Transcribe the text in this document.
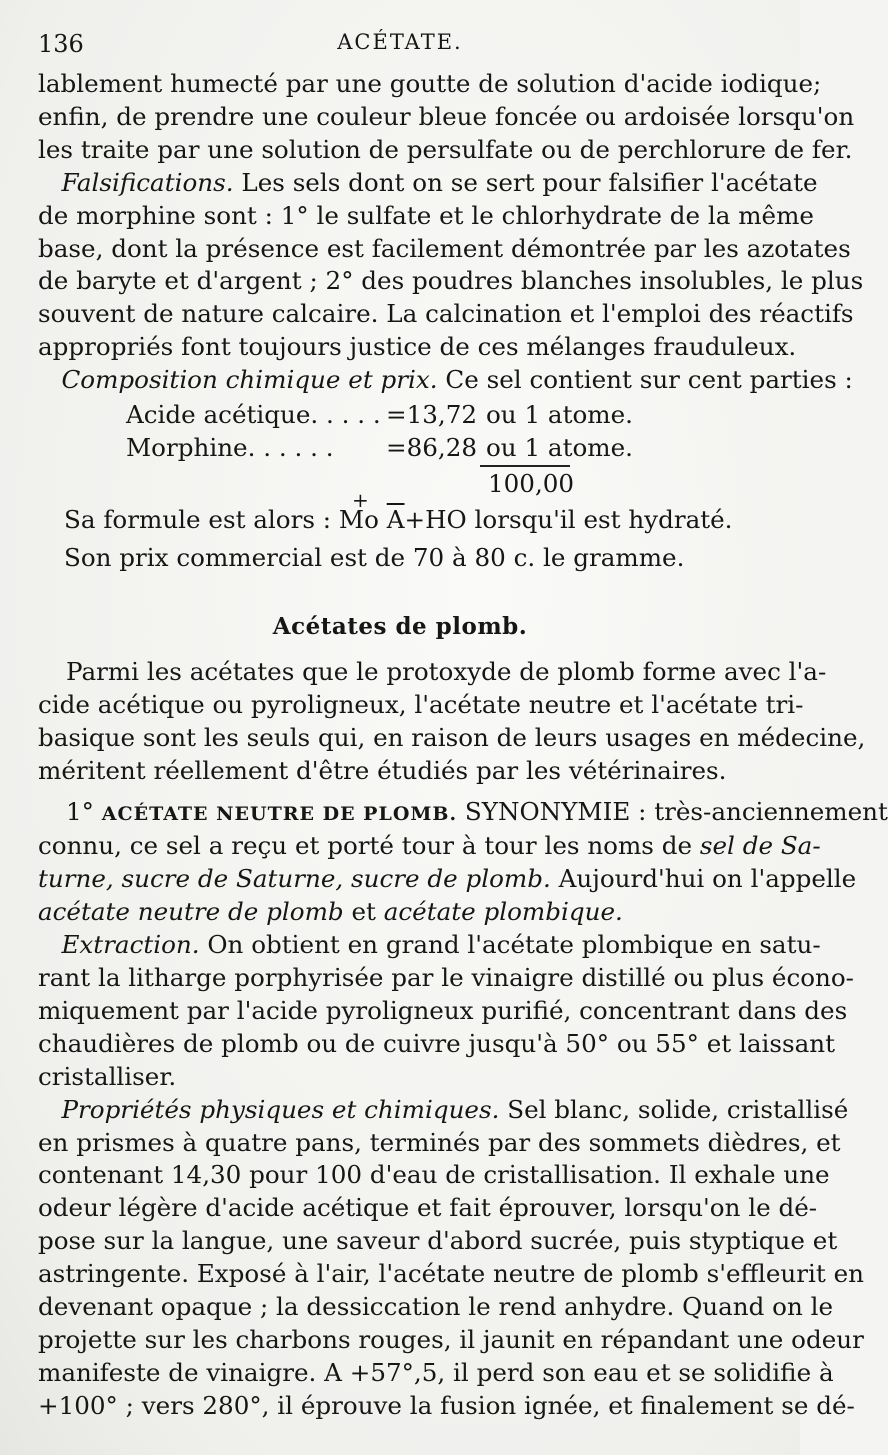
136	ACÉTATE.

lablement humecté par une goutte de solution d'acide iodique;
enfin, de prendre une couleur bleue foncée ou ardoisée lorsqu'on
les traite par une solution de persulfate ou de perchlorure de fer.

​   Falsifications. Les sels dont on se sert pour falsifier l'acétate
de morphine sont : 1° le sulfate et le chlorhydrate de la même
base, dont la présence est facilement démontrée par les azotates
de baryte et d'argent ; 2° des poudres blanches insolubles, le plus
souvent de nature calcaire. La calcination et l'emploi des réactifs
appropriés font toujours justice de ces mélanges frauduleux.

​   Composition chimique et prix. Ce sel contient sur cent parties :

Acide acétique. . . . . =13,72 ou 1 atome.
Morphine. . . . . .	=86,28 ou 1 atome.
100,00
+
Sa formule est alors : Mo $\overline{A}+HO$ lorsqu'il est hydraté.

Son prix commercial est de 70 à 80 c. le gramme.

Acétates de plomb.

Parmi les acétates que le protoxyde de plomb forme avec l'a-
cide acétique ou pyroligneux, l'acétate neutre et l'acétate tri-
basique sont les seuls qui, en raison de leurs usages en médecine,
méritent réellement d'être étudiés par les vétérinaires.

1° ACÉTATE NEUTRE DE PLOMB. SYNONYMIE : très-anciennement
connu, ce sel a reçu et porté tour à tour les noms de sel de Sa-
turne, sucre de Saturne, sucre de plomb. Aujourd'hui on l'appelle
acétate neutre de plomb et acétate plombique.

​   Extraction. On obtient en grand l'acétate plombique en satu-
rant la litharge porphyrisée par le vinaigre distillé ou plus écono-
miquement par l'acide pyroligneux purifié, concentrant dans des
chaudières de plomb ou de cuivre jusqu'à 50° ou 55° et laissant
cristalliser.

​   Propriétés physiques et chimiques. Sel blanc, solide, cristallisé
en prismes à quatre pans, terminés par des sommets dièdres, et
contenant 14,30 pour 100 d'eau de cristallisation. Il exhale une
odeur légère d'acide acétique et fait éprouver, lorsqu'on le dé-
pose sur la langue, une saveur d'abord sucrée, puis styptique et
astringente. Exposé à l'air, l'acétate neutre de plomb s'effleurit en
devenant opaque ; la dessiccation le rend anhydre. Quand on le
projette sur les charbons rouges, il jaunit en répandant une odeur
manifeste de vinaigre. A +57°,5, il perd son eau et se solidifie à
+100° ; vers 280°, il éprouve la fusion ignée, et finalement se dé-
